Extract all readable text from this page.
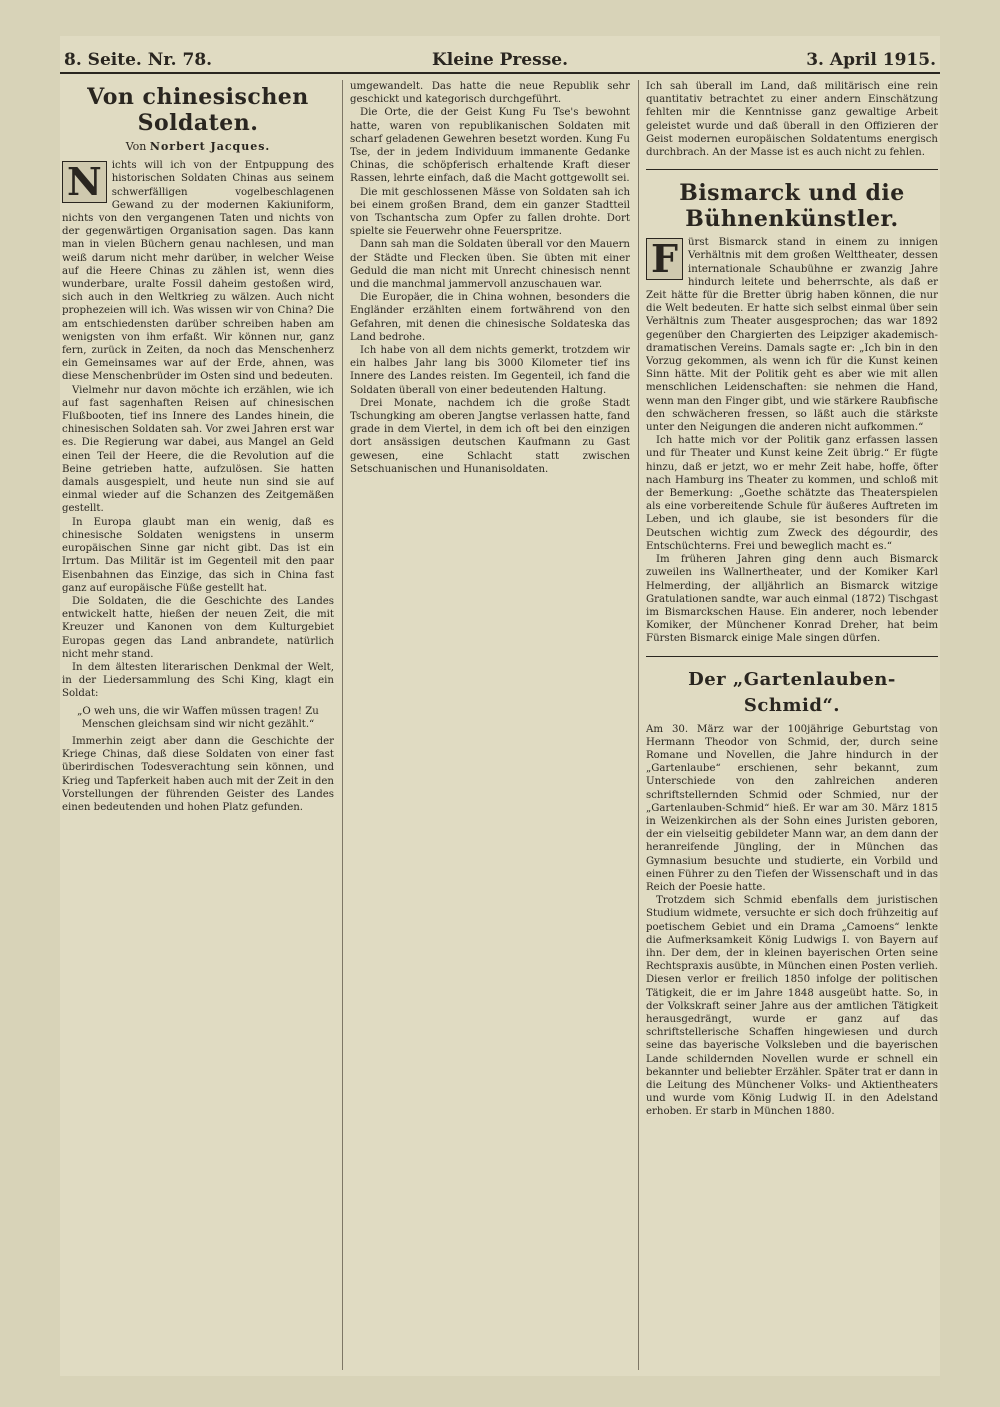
8. Seite. Nr. 78.	Kleine Presse.	3. April 1915.
Von chinesischen Soldaten.
Von Norbert Jacques.
N ichts will ich von der Entpuppung des historischen Soldaten Chinas aus seinem schwerfälligen vogelbeschlagenen Gewand zu der modernen Kakiuniform, nichts von den vergangenen Taten und nichts von der gegenwärtigen Organisation sagen. Das kann man in vielen Büchern genau nachlesen, und man weiß darum nicht mehr darüber, in welcher Weise auf die Heere Chinas zu zählen ist, wenn dies wunderbare, uralte Fossil daheim gestoßen wird, sich auch in den Weltkrieg zu wälzen. Auch nicht prophezeien will ich. Was wissen wir von China? Die am entschiedensten darüber schreiben haben am wenigsten von ihm erfaßt. Wir können nur, ganz fern, zurück in Zeiten, da noch das Menschenherz ein Gemeinsames war auf der Erde, ahnen, was diese Menschenbrüder im Osten sind und bedeuten.

Vielmehr nur davon möchte ich erzählen, wie ich auf fast sagenhaften Reisen auf chinesischen Flußbooten, tief ins Innere des Landes hinein, die chinesischen Soldaten sah. Vor zwei Jahren erst war es. Die Regierung war dabei, aus Mangel an Geld einen Teil der Heere, die die Revolution auf die Beine getrieben hatte, aufzulösen. Sie hatten damals ausgespielt, und heute nun sind sie auf einmal wieder auf die Schanzen des Zeitgemäßen gestellt.

In Europa glaubt man ein wenig, daß es chinesische Soldaten wenigstens in unserm europäischen Sinne gar nicht gibt. Das ist ein Irrtum. Das Militär ist im Gegenteil mit den paar Eisenbahnen das Einzige, das sich in China fast ganz auf europäische Füße gestellt hat.

Die Soldaten, die die Geschichte des Landes entwickelt hatte, hießen der neuen Zeit, die mit Kreuzer und Kanonen von dem Kulturgebiet Europas gegen das Land anbrandete, natürlich nicht mehr stand.

In dem ältesten literarischen Denkmal der Welt, in der Liedersammlung des Schi King, klagt ein Soldat:

„O weh uns, die wir Waffen müssen tragen! Zu Menschen gleichsam sind wir nicht gezählt.“

Immerhin zeigt aber dann die Geschichte der Kriege Chinas, daß diese Soldaten von einer fast überirdischen Todesverachtung sein können, und Krieg und Tapferkeit haben auch mit der Zeit in den Vorstellungen der führenden Geister des Landes einen bedeutenden und hohen Platz gefunden.

umgewandelt. Das hatte die neue Republik sehr geschickt und kategorisch durchgeführt.

Die Orte, die der Geist Kung Fu Tse's bewohnt hatte, waren von republikanischen Soldaten mit scharf geladenen Gewehren besetzt worden. Kung Fu Tse, der in jedem Individuum immanente Gedanke Chinas, die schöpferisch erhaltende Kraft dieser Rassen, lehrte einfach, daß die Macht gottgewollt sei.

Die mit geschlossenen Mässe von Soldaten sah ich bei einem großen Brand, dem ein ganzer Stadtteil von Tschantscha zum Opfer zu fallen drohte. Dort spielte sie Feuerwehr ohne Feuerspritze.

Dann sah man die Soldaten überall vor den Mauern der Städte und Flecken üben. Sie übten mit einer Geduld die man nicht mit Unrecht chinesisch nennt und die manchmal jammervoll anzuschauen war.

Die Europäer, die in China wohnen, besonders die Engländer erzählten einem fortwährend von den Gefahren, mit denen die chinesische Soldateska das Land bedrohe.

Ich habe von all dem nichts gemerkt, trotzdem wir ein halbes Jahr lang bis 3000 Kilometer tief ins Innere des Landes reisten. Im Gegenteil, ich fand die Soldaten überall von einer bedeutenden Haltung.

Drei Monate, nachdem ich die große Stadt Tschungking am oberen Jangtse verlassen hatte, fand grade in dem Viertel, in dem ich oft bei den einzigen dort ansässigen deutschen Kaufmann zu Gast gewesen, eine Schlacht statt zwischen Setschuanischen und Hunanisoldaten.

Ich sah überall im Land, daß militärisch eine rein quantitativ betrachtet zu einer andern Einschätzung fehlten mir die Kenntnisse ganz gewaltige Arbeit geleistet wurde und daß überall in den Offizieren der Geist modernen europäischen Soldatentums energisch durchbrach. An der Masse ist es auch nicht zu fehlen.

Bismarck und die Bühnenkünstler.
F ürst Bismarck stand in einem zu innigen Verhältnis mit dem großen Welttheater, dessen internationale Schaubühne er zwanzig Jahre hindurch leitete und beherrschte, als daß er Zeit hätte für die Bretter übrig haben können, die nur die Welt bedeuten. Er hatte sich selbst einmal über sein Verhältnis zum Theater ausgesprochen; das war 1892 gegenüber den Chargierten des Leipziger akademisch-dramatischen Vereins. Damals sagte er: „Ich bin in den Vorzug gekommen, als wenn ich für die Kunst keinen Sinn hätte. Mit der Politik geht es aber wie mit allen menschlichen Leidenschaften: sie nehmen die Hand, wenn man den Finger gibt, und wie stärkere Raubfische den schwächeren fressen, so läßt auch die stärkste unter den Neigungen die anderen nicht aufkommen.“

Ich hatte mich vor der Politik ganz erfassen lassen und für Theater und Kunst keine Zeit übrig.“ Er fügte hinzu, daß er jetzt, wo er mehr Zeit habe, hoffe, öfter nach Hamburg ins Theater zu kommen, und schloß mit der Bemerkung: „Goethe schätzte das Theaterspielen als eine vorbereitende Schule für äußeres Auftreten im Leben, und ich glaube, sie ist besonders für die Deutschen wichtig zum Zweck des dégourdir, des Entschüchterns. Frei und beweglich macht es.“

Im früheren Jahren ging denn auch Bismarck zuweilen ins Wallnertheater, und der Komiker Karl Helmerding, der alljährlich an Bismarck witzige Gratulationen sandte, war auch einmal (1872) Tischgast im Bismarckschen Hause. Ein anderer, noch lebender Komiker, der Münchener Konrad Dreher, hat beim Fürsten Bismarck einige Male singen dürfen.

Der „Gartenlauben-Schmid“.

Am 30. März war der 100jährige Geburtstag von Hermann Theodor von Schmid, der, durch seine Romane und Novellen, die Jahre hindurch in der „Gartenlaube“ erschienen, sehr bekannt, zum Unterschiede von den zahlreichen anderen schriftstellernden Schmid oder Schmied, nur der „Gartenlauben-Schmid“ hieß. Er war am 30. März 1815 in Weizenkirchen als der Sohn eines Juristen geboren, der ein vielseitig gebildeter Mann war, an dem dann der heranreifende Jüngling, der in München das Gymnasium besuchte und studierte, ein Vorbild und einen Führer zu den Tiefen der Wissenschaft und in das Reich der Poesie hatte.

Trotzdem sich Schmid ebenfalls dem juristischen Studium widmete, versuchte er sich doch frühzeitig auf poetischem Gebiet und ein Drama „Camoens“ lenkte die Aufmerksamkeit König Ludwigs I. von Bayern auf ihn. Der dem, der in kleinen bayerischen Orten seine Rechtspraxis ausübte, in München einen Posten verlieh. Diesen verlor er freilich 1850 infolge der politischen Tätigkeit, die er im Jahre 1848 ausgeübt hatte. So, in der Volkskraft seiner Jahre aus der amtlichen Tätigkeit herausgedrängt, wurde er ganz auf das schriftstellerische Schaffen hingewiesen und durch seine das bayerische Volksleben und die bayerischen Lande schildernden Novellen wurde er schnell ein bekannter und beliebter Erzähler. Später trat er dann in die Leitung des Münchener Volks- und Aktientheaters und wurde vom König Ludwig II. in den Adelstand erhoben. Er starb in München 1880.
